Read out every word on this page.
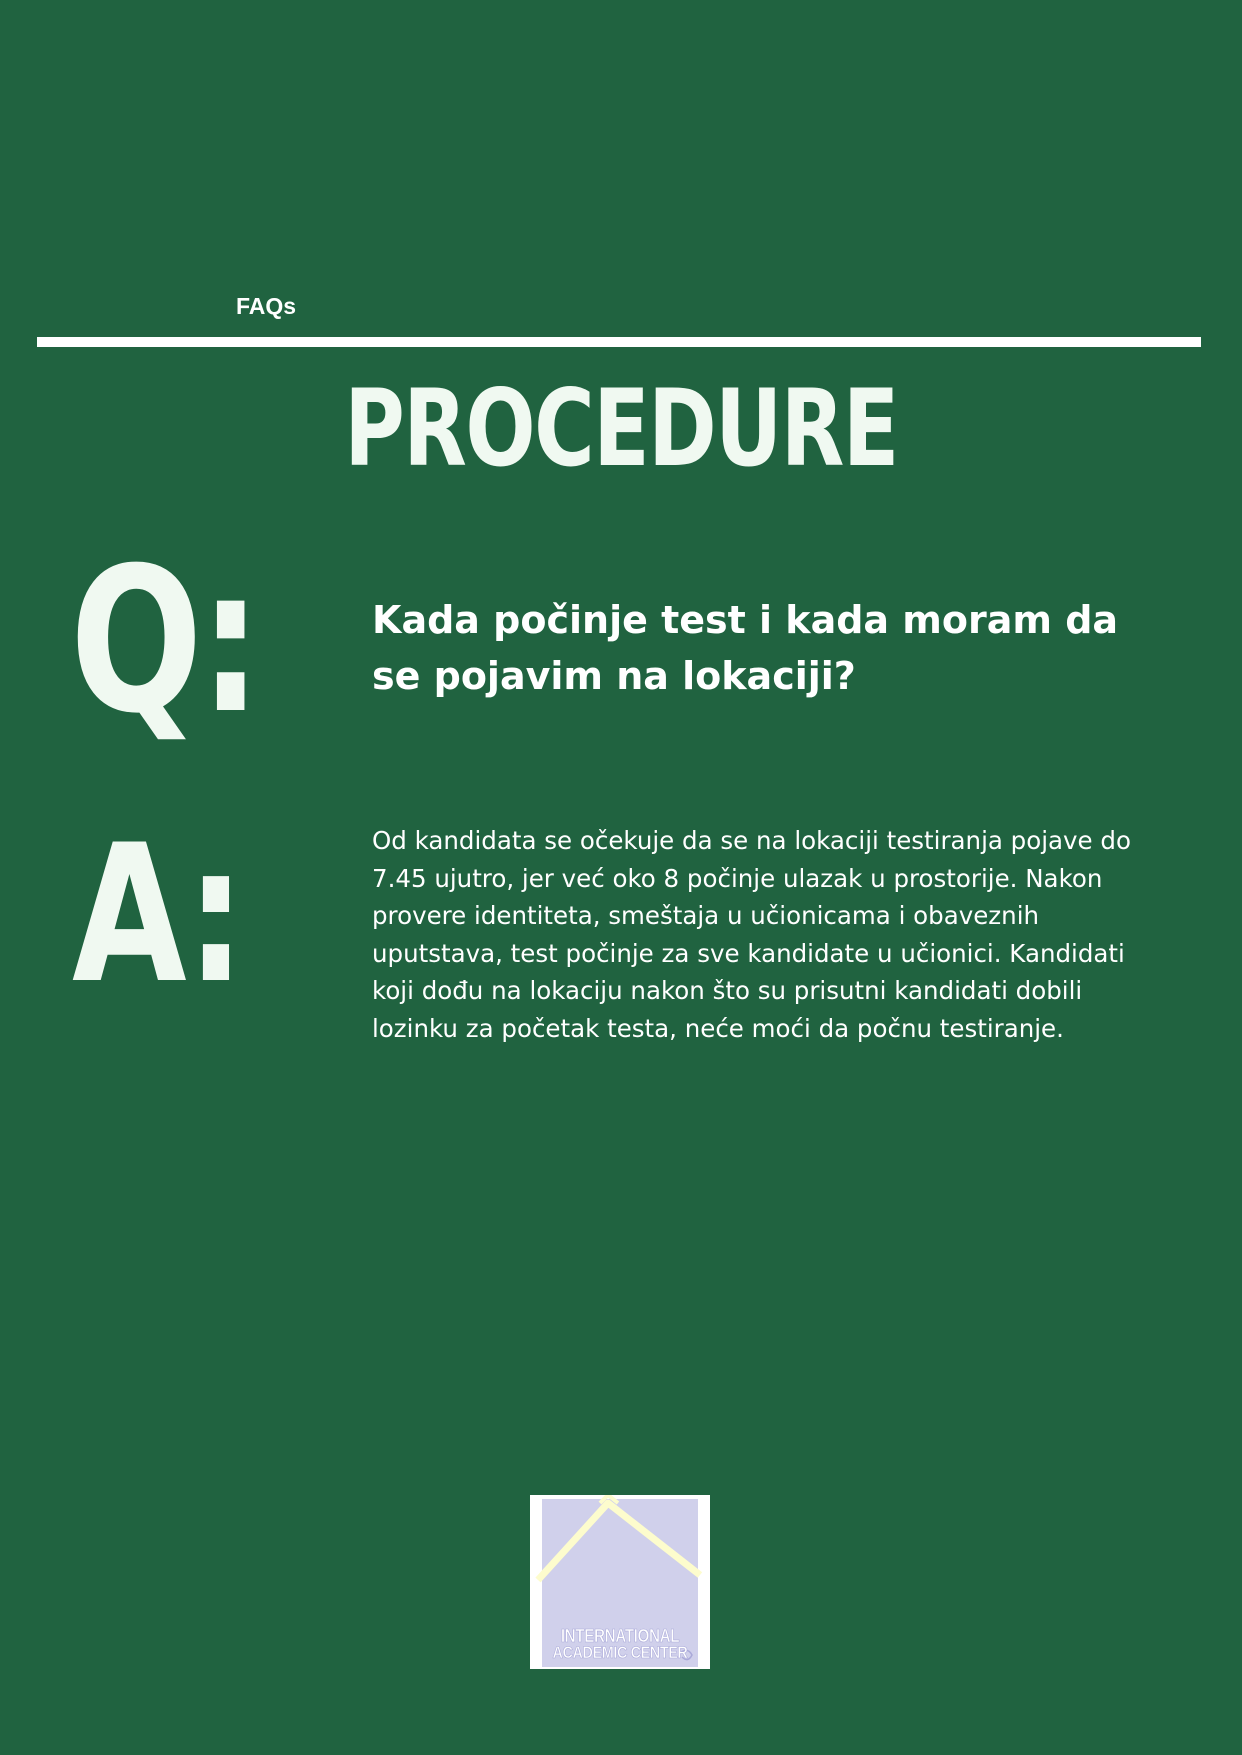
FAQs
PROCEDURE
Q:	Kada počinje test i kada moram da se pojavim na lokaciji?
A:	Od kandidata se očekuje da se na lokaciji testiranja pojave do 7.45 ujutro, jer već oko 8 počinje ulazak u prostorije. Nakon provere identiteta, smeštaja u učionicama i obaveznih uputstava, test počinje za sve kandidate u učionici. Kandidati koji dođu na lokaciju nakon što su prisutni kandidati dobili lozinku za početak testa, neće moći da počnu testiranje.
INTERNATIONAL
ACADEMIC CENTER
